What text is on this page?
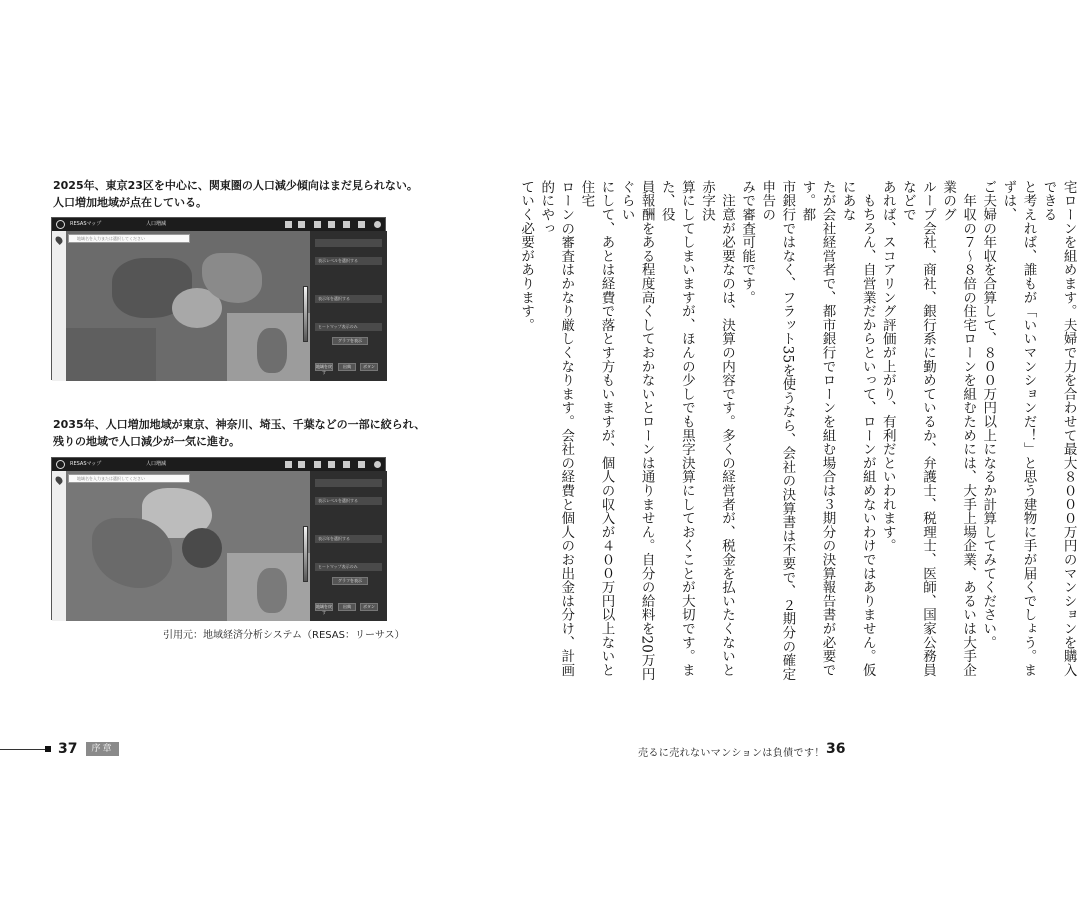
2025年、東京23区を中心に、関東圏の人口減少傾向はまだ見られない。
人口増加地域が点在している。
RESASマップ	人口増減
地域名を入力または選択してください
表示レベルを選択する
表示年を選択する
ヒートマップ表示のみ
グラフを表示
地域を戻す
出典	ボタン
2035年、人口増加地域が東京、神奈川、埼玉、千葉などの一部に絞られ、
残りの地域で人口減少が一気に進む。
RESASマップ	人口増減
地域名を入力または選択してください
表示レベルを選択する
表示年を選択する
ヒートマップ表示のみ
グラフを表示
地域を戻す
出典	ボタン
引用元：地域経済分析システム（RESAS：リーサス）
37	序章

宅ローンを組めます。夫婦で力を合わせて最大８０００万円のマンションを購入できる

と考えれば、誰もが「いいマンションだ！」と思う建物に手が届くでしょう。まずは、

ご夫婦の年収を合算して、８００万円以上になるか計算してみてください。

　年収の７～８倍の住宅ローンを組むためには、大手上場企業、あるいは大手企業のグ

ループ会社、商社、銀行系に勤めているか、弁護士、税理士、医師、国家公務員などで

あれば、スコアリング評価が上がり、有利だといわれます。

　もちろん、自営業だからといって、ローンが組めないわけではありません。仮にあな

たが会社経営者で、都市銀行でローンを組む場合は３期分の決算報告書が必要です。都

市銀行ではなく、フラット35を使うなら、会社の決算書は不要で、２期分の確定申告の

みで審査可能です。

　注意が必要なのは、決算の内容です。多くの経営者が、税金を払いたくないと赤字決

算にしてしまいますが、ほんの少しでも黒字決算にしておくことが大切です。また、役

員報酬をある程度高くしておかないとローンは通りません。自分の給料を20万円ぐらい

にして、あとは経費で落とす方もいますが、個人の収入が４００万円以上ないと住宅

ローンの審査はかなり厳しくなります。会社の経費と個人のお出金は分け、計画的にやっ

ていく必要があります。

売るに売れないマンションは負債です！ 36
